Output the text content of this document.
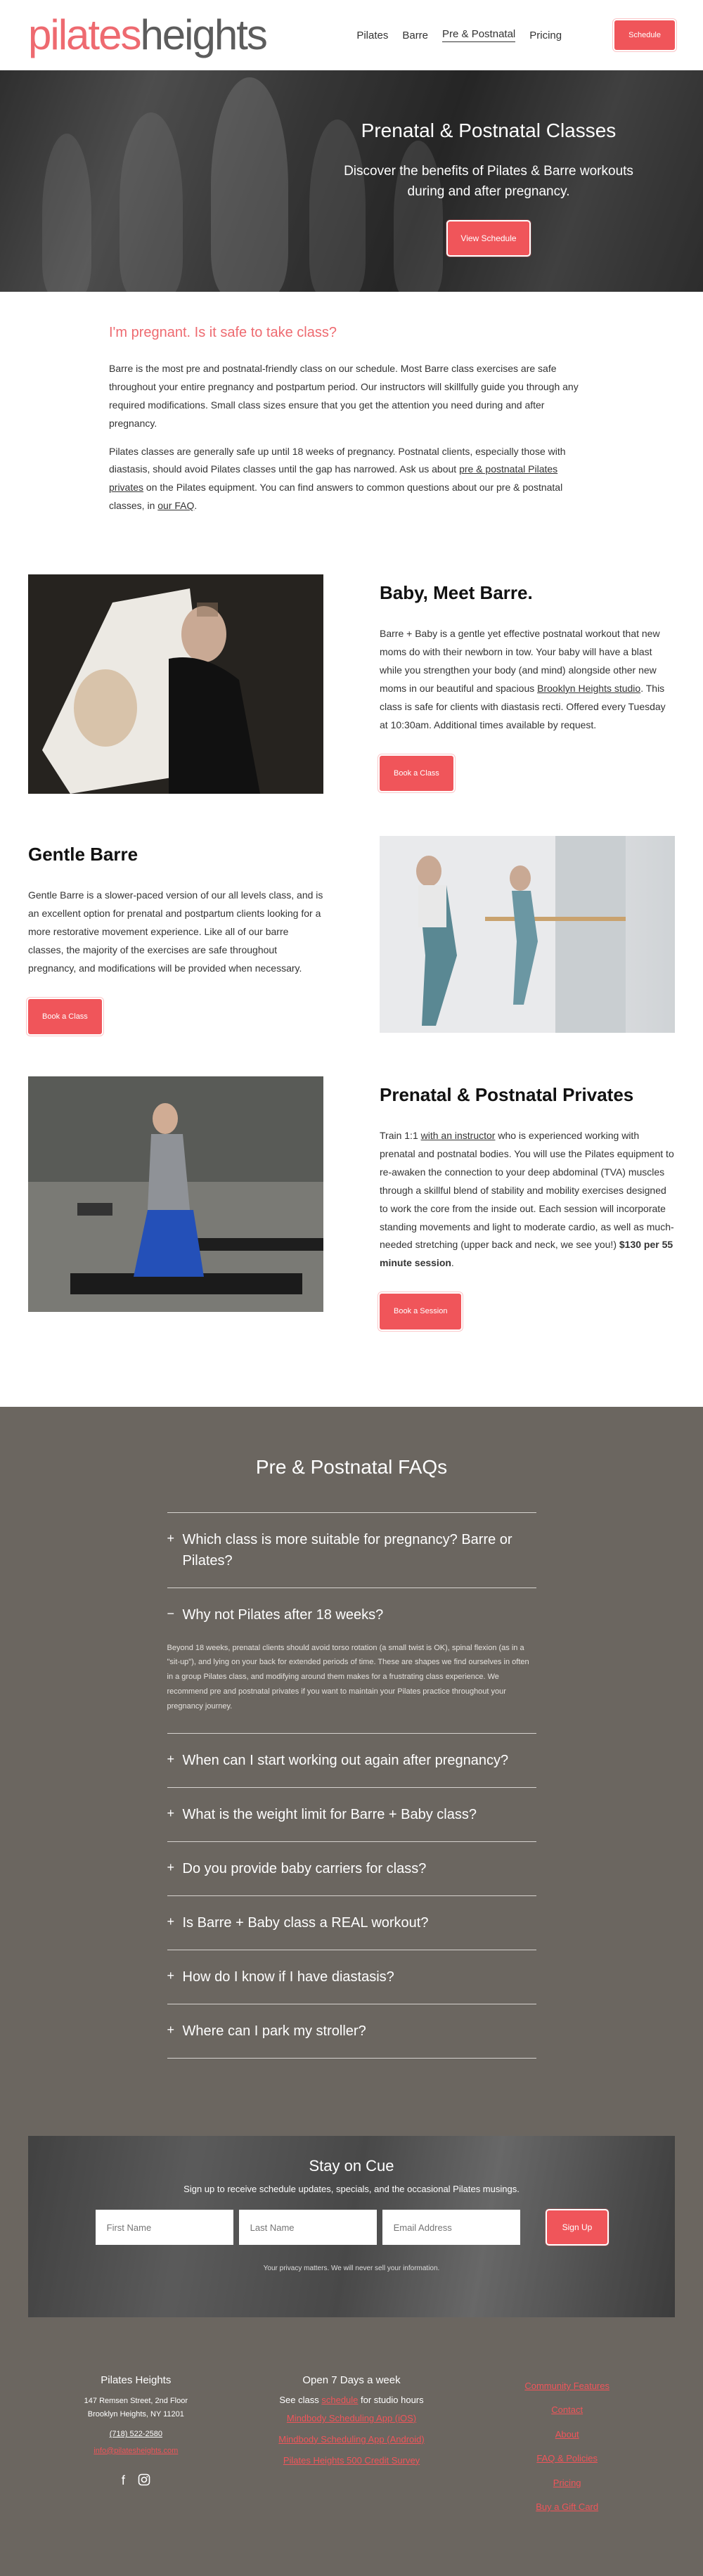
pilatesheights	Pilates Barre Pre & Postnatal Pricing	Schedule
Prenatal & Postnatal Classes

Discover the benefits of Pilates & Barre workouts during and after pregnancy.

View Schedule
I'm pregnant. Is it safe to take class?

Barre is the most pre and postnatal-friendly class on our schedule. Most Barre class exercises are safe throughout your entire pregnancy and postpartum period. Our instructors will skillfully guide you through any required modifications. Small class sizes ensure that you get the attention you need during and after pregnancy.

Pilates classes are generally safe up until 18 weeks of pregnancy. Postnatal clients, especially those with diastasis, should avoid Pilates classes until the gap has narrowed. Ask us about pre & postnatal Pilates privates on the Pilates equipment. You can find answers to common questions about our pre & postnatal classes, in our FAQ.

Baby, Meet Barre.

Barre + Baby is a gentle yet effective postnatal workout that new moms do with their newborn in tow. Your baby will have a blast while you strengthen your body (and mind) alongside other new moms in our beautiful and spacious Brooklyn Heights studio. This class is safe for clients with diastasis recti. Offered every Tuesday at 10:30am. Additional times available by request.

Book a Class
Gentle Barre

Gentle Barre is a slower-paced version of our all levels class, and is an excellent option for prenatal and postpartum clients looking for a more restorative movement experience. Like all of our barre classes, the majority of the exercises are safe throughout pregnancy, and modifications will be provided when necessary.

Book a Class
Prenatal & Postnatal Privates

Train 1:1 with an instructor who is experienced working with prenatal and postnatal bodies. You will use the Pilates equipment to re-awaken the connection to your deep abdominal (TVA) muscles through a skillful blend of stability and mobility exercises designed to work the core from the inside out. Each session will incorporate standing movements and light to moderate cardio, as well as much-needed stretching (upper back and neck, we see you!) $130 per 55 minute session.

Book a Session
Pre & Postnatal FAQs
+ Which class is more suitable for pregnancy? Barre or Pilates?
− Why not Pilates after 18 weeks?
Beyond 18 weeks, prenatal clients should avoid torso rotation (a small twist is OK), spinal flexion (as in a "sit-up"), and lying on your back for extended periods of time. These are shapes we find ourselves in often in a group Pilates class, and modifying around them makes for a frustrating class experience. We recommend pre and postnatal privates if you want to maintain your Pilates practice throughout your pregnancy journey.
+ When can I start working out again after pregnancy?
+ What is the weight limit for Barre + Baby class?
+ Do you provide baby carriers for class?
+ Is Barre + Baby class a REAL workout?
+ How do I know if I have diastasis?
+ Where can I park my stroller?
Stay on Cue

Sign up to receive schedule updates, specials, and the occasional Pilates musings.

First Name
Last Name
Email Address
Sign Up

Your privacy matters. We will never sell your information.

Pilates Heights
147 Remsen Street, 2nd Floor
Brooklyn Heights, NY 11201
(718) 522-2580
info@pilatesheights.com
f
Open 7 Days a week
See class schedule for studio hours
Mindbody Scheduling App (iOS)
Mindbody Scheduling App (Android)
Pilates Heights 500 Credit Survey
Community Features
Contact
About
FAQ & Policies
Pricing
Buy a Gift Card
